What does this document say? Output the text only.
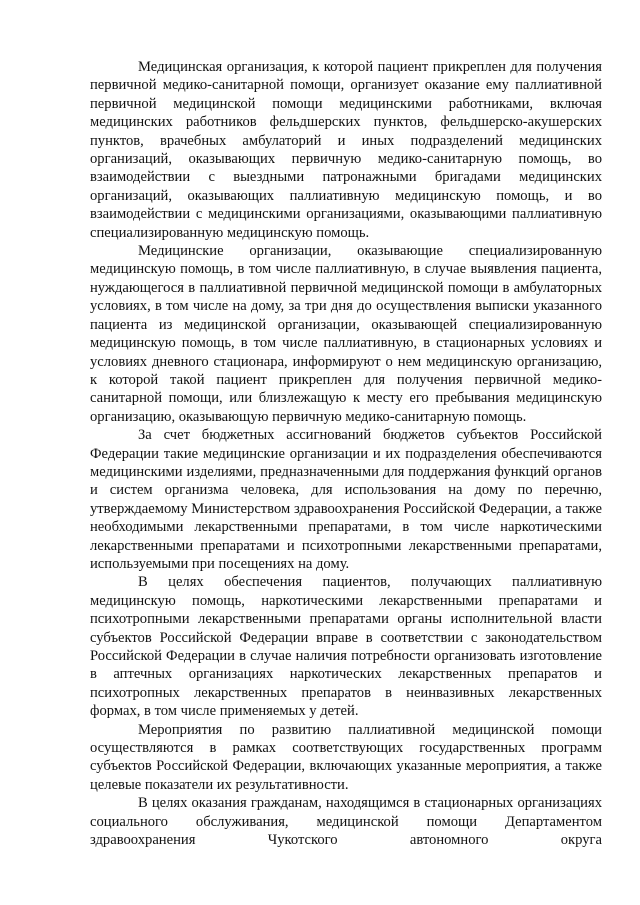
Медицинская организация, к которой пациент прикреплен для получения первичной медико-санитарной помощи, организует оказание ему паллиативной первичной медицинской помощи медицинскими работниками, включая медицинских работников фельдшерских пунктов, фельдшерско-акушерских пунктов, врачебных амбулаторий и иных подразделений медицинских организаций, оказывающих первичную медико-санитарную помощь, во взаимодействии с выездными патронажными бригадами медицинских организаций, оказывающих паллиативную медицинскую помощь, и во взаимодействии с медицинскими организациями, оказывающими паллиативную специализированную медицинскую помощь.

Медицинские организации, оказывающие специализированную медицинскую помощь, в том числе паллиативную, в случае выявления пациента, нуждающегося в паллиативной первичной медицинской помощи в амбулаторных условиях, в том числе на дому, за три дня до осуществления выписки указанного пациента из медицинской организации, оказывающей специализированную медицинскую помощь, в том числе паллиативную, в стационарных условиях и условиях дневного стационара, информируют о нем медицинскую организацию, к которой такой пациент прикреплен для получения первичной медико-санитарной помощи, или близлежащую к месту его пребывания медицинскую организацию, оказывающую первичную медико-санитарную помощь.

За счет бюджетных ассигнований бюджетов субъектов Российской Федерации такие медицинские организации и их подразделения обеспечиваются медицинскими изделиями, предназначенными для поддержания функций органов и систем организма человека, для использования на дому по перечню, утверждаемому Министерством здравоохранения Российской Федерации, а также необходимыми лекарственными препаратами, в том числе наркотическими лекарственными препаратами и психотропными лекарственными препаратами, используемыми при посещениях на дому.

В целях обеспечения пациентов, получающих паллиативную медицинскую помощь, наркотическими лекарственными препаратами и психотропными лекарственными препаратами органы исполнительной власти субъектов Российской Федерации вправе в соответствии с законодательством Российской Федерации в случае наличия потребности организовать изготовление в аптечных организациях наркотических лекарственных препаратов и психотропных лекарственных препаратов в неинвазивных лекарственных формах, в том числе применяемых у детей.

Мероприятия по развитию паллиативной медицинской помощи осуществляются в рамках соответствующих государственных программ субъектов Российской Федерации, включающих указанные мероприятия, а также целевые показатели их результативности.

В целях оказания гражданам, находящимся в стационарных организациях социального обслуживания, медицинской помощи Департаментом здравоохранения Чукотского автономного округа
